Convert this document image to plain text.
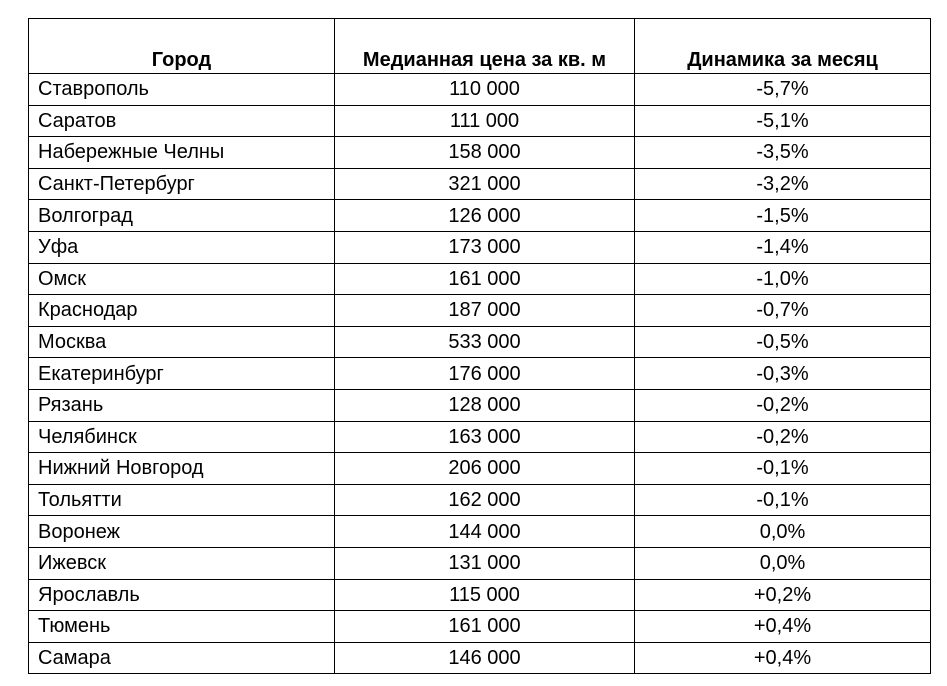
Город	Медианная цена за кв. м	Динамика за месяц
Ставрополь	110 000	-5,7%
Саратов	111 000	-5,1%
Набережные Челны	158 000	-3,5%
Санкт-Петербург	321 000	-3,2%
Волгоград	126 000	-1,5%
Уфа	173 000	-1,4%
Омск	161 000	-1,0%
Краснодар	187 000	-0,7%
Москва	533 000	-0,5%
Екатеринбург	176 000	-0,3%
Рязань	128 000	-0,2%
Челябинск	163 000	-0,2%
Нижний Новгород	206 000	-0,1%
Тольятти	162 000	-0,1%
Воронеж	144 000	0,0%
Ижевск	131 000	0,0%
Ярославль	115 000	+0,2%
Тюмень	161 000	+0,4%
Самара	146 000	+0,4%
